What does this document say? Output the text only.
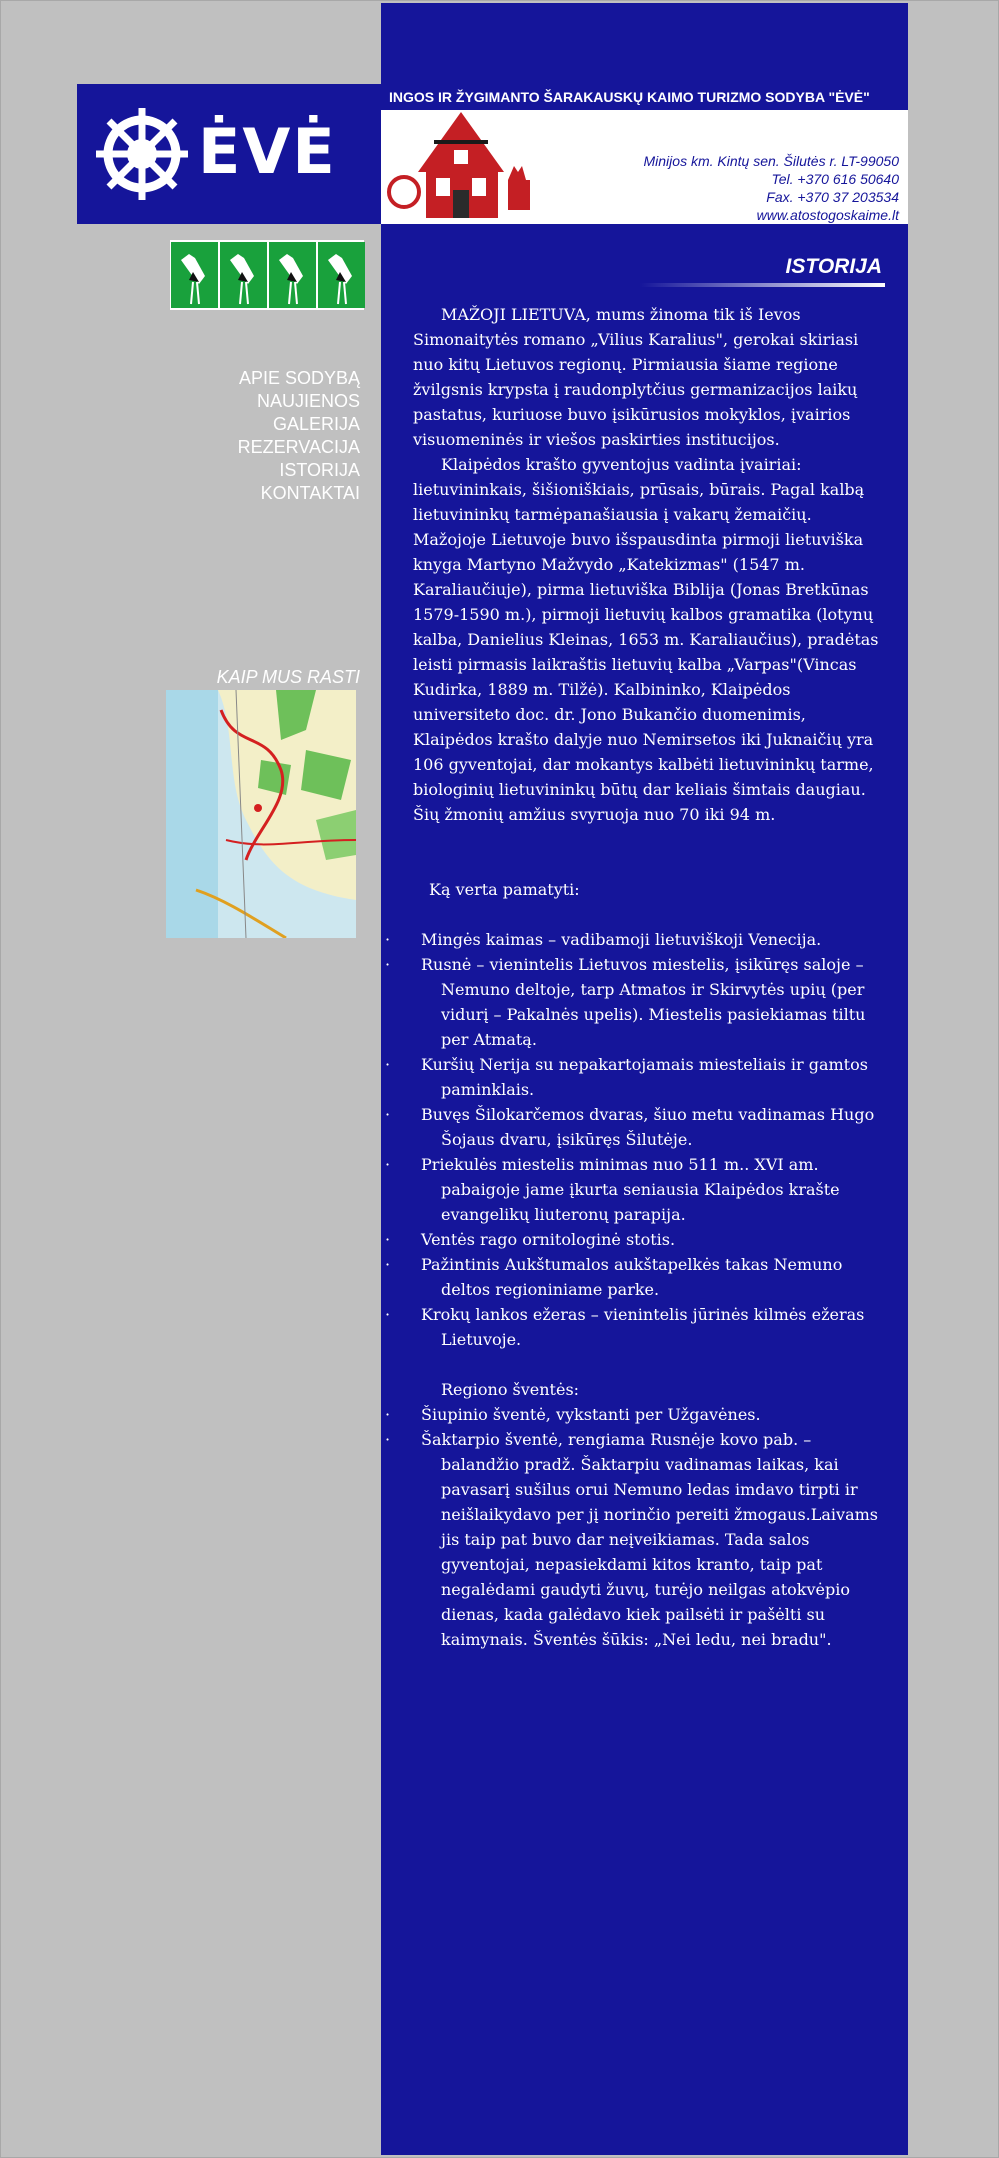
INGOS IR ŽYGIMANTO ŠARAKAUSKŲ KAIMO TURIZMO SODYBA "ĖVĖ"
ĖVĖ	Minijos km. Kintų sen. Šilutės r. LT-99050
Tel. +370 616 50640
Fax. +370 37 203534
www.atostogoskaime.lt
APIE SODYBĄ
NAUJIENOS
GALERIJA
REZERVACIJA
ISTORIJA
KONTAKTAI
KAIP MUS RASTI
ISTORIJA

MAŽOJI LIETUVA, mums žinoma tik iš Ievos Simonaitytės romano „Vilius Karalius", gerokai skiriasi nuo kitų Lietuvos regionų. Pirmiausia šiame regione žvilgsnis krypsta į raudonplytčius germanizacijos laikų pastatus, kuriuose buvo įsikūrusios mokyklos, įvairios visuomeninės ir viešos paskirties institucijos.

Klaipėdos krašto gyventojus vadinta įvairiai: lietuvininkais, šišioniškiais, prūsais, būrais. Pagal kalbą lietuvininkų tarmėpanašiausia į vakarų žemaičių. Mažojoje Lietuvoje buvo išspausdinta pirmoji lietuviška knyga Martyno Mažvydo „Katekizmas" (1547 m. Karaliaučiuje), pirma lietuviška Biblija (Jonas Bretkūnas 1579-1590 m.), pirmoji lietuvių kalbos gramatika (lotynų kalba, Danielius Kleinas, 1653 m. Karaliaučius), pradėtas leisti pirmasis laikraštis lietuvių kalba „Varpas"(Vincas Kudirka, 1889 m. Tilžė). Kalbininko, Klaipėdos universiteto doc. dr. Jono Bukančio duomenimis, Klaipėdos krašto dalyje nuo Nemirsetos iki Juknaičių yra 106 gyventojai, dar mokantys kalbėti lietuvininkų tarme, biologinių lietuvininkų būtų dar keliais šimtais daugiau. Šių žmonių amžius svyruoja nuo 70 iki 94 m.

Ką verta pamatyti:

· Mingės kaimas – vadibamoji lietuviškoji Venecija.

· Rusnė – vienintelis Lietuvos miestelis, įsikūręs saloje – Nemuno deltoje, tarp Atmatos ir Skirvytės upių (per vidurį – Pakalnės upelis). Miestelis pasiekiamas tiltu per Atmatą.

· Kuršių Nerija su nepakartojamais miesteliais ir gamtos paminklais.

· Buvęs Šilokarčemos dvaras, šiuo metu vadinamas Hugo Šojaus dvaru, įsikūręs Šilutėje.

· Priekulės miestelis minimas nuo 511 m.. XVI am. pabaigoje jame įkurta seniausia Klaipėdos krašte evangelikų liuteronų parapija.

· Ventės rago ornitologinė stotis.

· Pažintinis Aukštumalos aukštapelkės takas Nemuno deltos regioniniame parke.

· Krokų lankos ežeras – vienintelis jūrinės kilmės ežeras Lietuvoje.

Regiono šventės:

· Šiupinio šventė, vykstanti per Užgavėnes.

· Šaktarpio šventė, rengiama Rusnėje kovo pab. – balandžio pradž. Šaktarpiu vadinamas laikas, kai pavasarį sušilus orui Nemuno ledas imdavo tirpti ir neišlaikydavo per jį norinčio pereiti žmogaus.Laivams jis taip pat buvo dar neįveikiamas. Tada salos gyventojai, nepasiekdami kitos kranto, taip pat negalėdami gaudyti žuvų, turėjo neilgas atokvėpio dienas, kada galėdavo kiek pailsėti ir pašėlti su kaimynais. Šventės šūkis: „Nei ledu, nei bradu".
